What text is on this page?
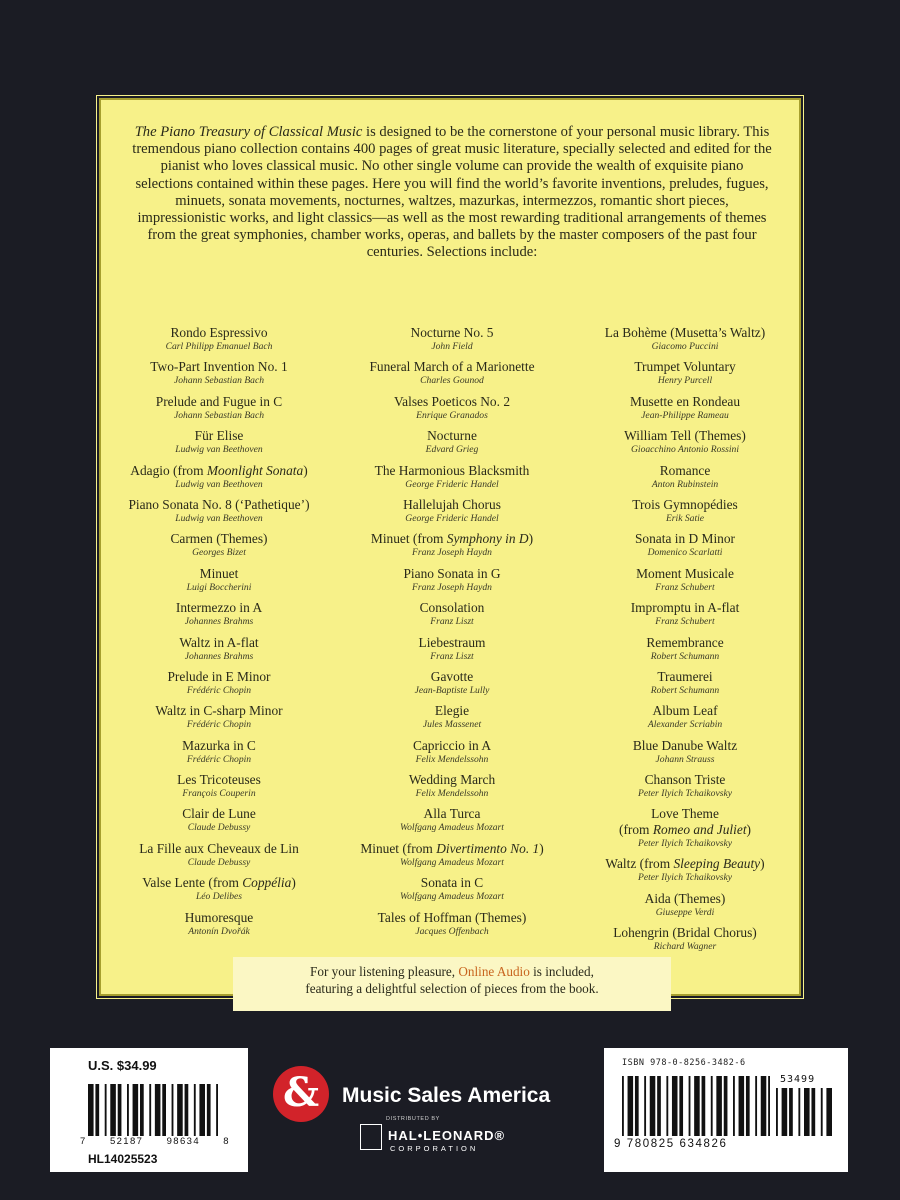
The Piano Treasury of Classical Music is designed to be the cornerstone of your personal music library. This tremendous piano collection contains 400 pages of great music literature, specially selected and edited for the pianist who loves classical music. No other single volume can provide the wealth of exquisite piano selections contained within these pages. Here you will find the world’s favorite inventions, preludes, fugues, minuets, sonata movements, nocturnes, waltzes, mazurkas, intermezzos, romantic short pieces, impressionistic works, and light classics—as well as the most rewarding traditional arrangements of themes from the great symphonies, chamber works, operas, and ballets by the master composers of the past four centuries. Selections include:

Rondo Espressivo
Carl Philipp Emanuel Bach
Two-Part Invention No. 1
Johann Sebastian Bach
Prelude and Fugue in C
Johann Sebastian Bach
Für Elise
Ludwig van Beethoven
Adagio (from Moonlight Sonata)
Ludwig van Beethoven
Piano Sonata No. 8 (‘Pathetique’)
Ludwig van Beethoven
Carmen (Themes)
Georges Bizet
Minuet
Luigi Boccherini
Intermezzo in A
Johannes Brahms
Waltz in A-flat
Johannes Brahms
Prelude in E Minor
Frédéric Chopin
Waltz in C-sharp Minor
Frédéric Chopin
Mazurka in C
Frédéric Chopin
Les Tricoteuses
François Couperin
Clair de Lune
Claude Debussy
La Fille aux Cheveaux de Lin
Claude Debussy
Valse Lente (from Coppélia)
Léo Delibes
Humoresque
Antonín Dvořák
Nocturne No. 5
John Field
Funeral March of a Marionette
Charles Gounod
Valses Poeticos No. 2
Enrique Granados
Nocturne
Edvard Grieg
The Harmonious Blacksmith
George Frideric Handel
Hallelujah Chorus
George Frideric Handel
Minuet (from Symphony in D)
Franz Joseph Haydn
Piano Sonata in G
Franz Joseph Haydn
Consolation
Franz Liszt
Liebestraum
Franz Liszt
Gavotte
Jean-Baptiste Lully
Elegie
Jules Massenet
Capriccio in A
Felix Mendelssohn
Wedding March
Felix Mendelssohn
Alla Turca
Wolfgang Amadeus Mozart
Minuet (from Divertimento No. 1)
Wolfgang Amadeus Mozart
Sonata in C
Wolfgang Amadeus Mozart
Tales of Hoffman (Themes)
Jacques Offenbach
La Bohème (Musetta’s Waltz)
Giacomo Puccini
Trumpet Voluntary
Henry Purcell
Musette en Rondeau
Jean-Philippe Rameau
William Tell (Themes)
Gioacchino Antonio Rossini
Romance
Anton Rubinstein
Trois Gymnopédies
Erik Satie
Sonata in D Minor
Domenico Scarlatti
Moment Musicale
Franz Schubert
Impromptu in A-flat
Franz Schubert
Remembrance
Robert Schumann
Traumerei
Robert Schumann
Album Leaf
Alexander Scriabin
Blue Danube Waltz
Johann Strauss
Chanson Triste
Peter Ilyich Tchaikovsky
Love Theme
(from Romeo and Juliet)
Peter Ilyich Tchaikovsky
Waltz (from Sleeping Beauty)
Peter Ilyich Tchaikovsky
Aida (Themes)
Giuseppe Verdi
Lohengrin (Bridal Chorus)
Richard Wagner

For your listening pleasure, Online Audio is included,
featuring a delightful selection of pieces from the book.

U.S. $34.99
7 52187 98634 8
HL14025523
&	Music Sales America
DISTRIBUTED BY
HAL•LEONARD®
CORPORATION
ISBN 978-0-8256-3482-6
53499
9 780825 634826
